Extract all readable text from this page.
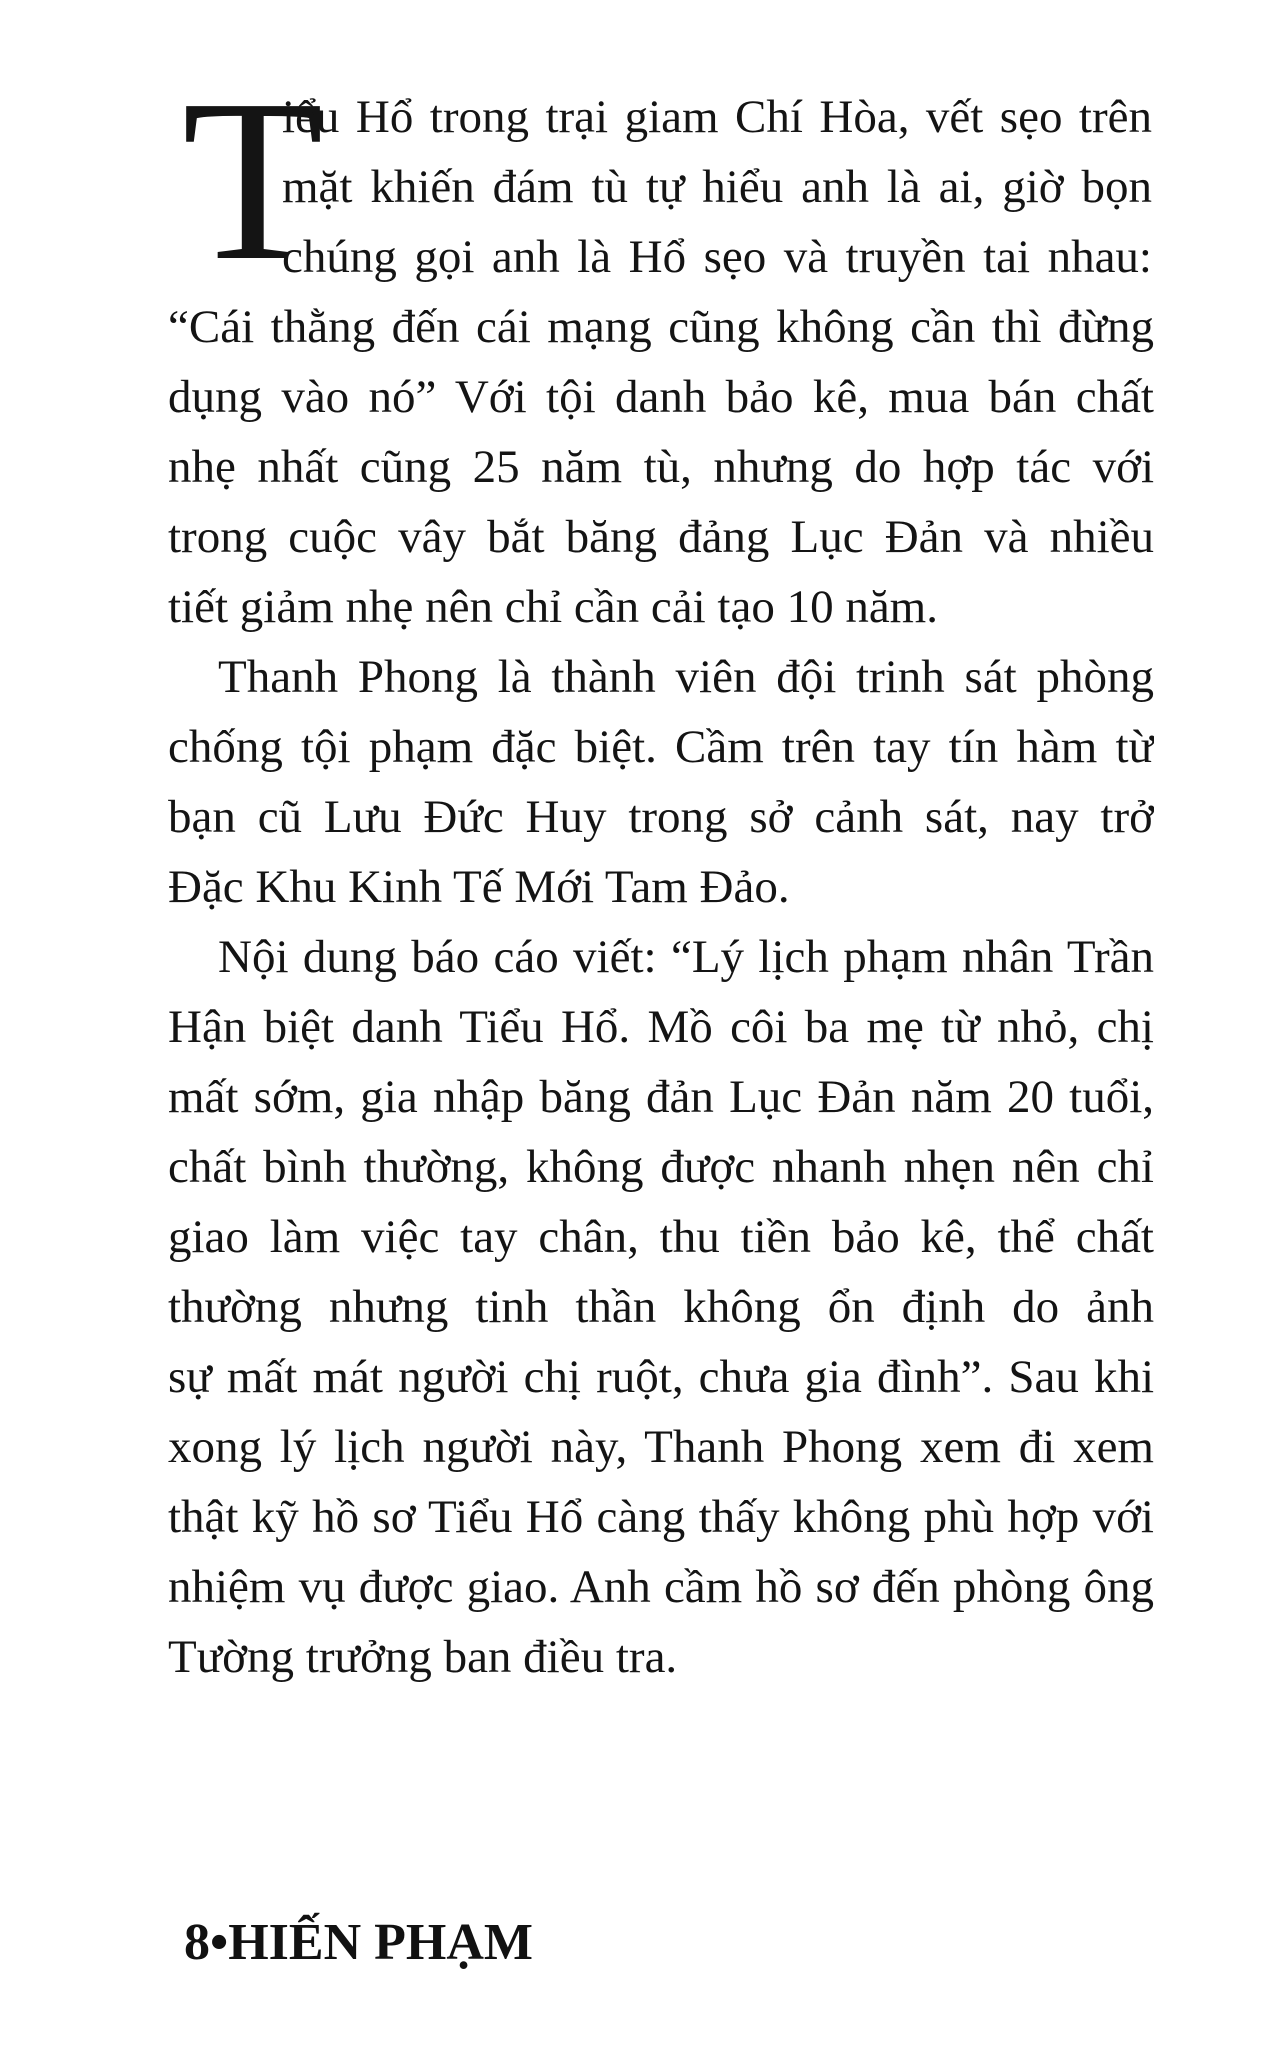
T
iểu Hổ trong trại giam Chí Hòa, vết sẹo trên
mặt khiến đám tù tự hiểu anh là ai, giờ bọn
chúng gọi anh là Hổ sẹo và truyền tai nhau:
“Cái thằng đến cái mạng cũng không cần thì đừng
dụng vào nó” Với tội danh bảo kê, mua bán chất
nhẹ nhất cũng 25 năm tù, nhưng do hợp tác với
trong cuộc vây bắt băng đảng Lục Đản và nhiều
tiết giảm nhẹ nên chỉ cần cải tạo 10 năm.
Thanh Phong là thành viên đội trinh sát phòng
chống tội phạm đặc biệt. Cầm trên tay tín hàm từ
bạn cũ Lưu Đức Huy trong sở cảnh sát, nay trở
Đặc Khu Kinh Tế Mới Tam Đảo.
Nội dung báo cáo viết: “Lý lịch phạm nhân Trần
Hận biệt danh Tiểu Hổ. Mồ côi ba mẹ từ nhỏ, chị
mất sớm, gia nhập băng đản Lục Đản năm 20 tuổi,
chất bình thường, không được nhanh nhẹn nên chỉ
giao làm việc tay chân, thu tiền bảo kê, thể chất
thường nhưng tinh thần không ổn định do ảnh
sự mất mát người chị ruột, chưa gia đình”. Sau khi
xong lý lịch người này, Thanh Phong xem đi xem
thật kỹ hồ sơ Tiểu Hổ càng thấy không phù hợp với
nhiệm vụ được giao. Anh cầm hồ sơ đến phòng ông
Tường trưởng ban điều tra.
8•HIẾN PHẠM
